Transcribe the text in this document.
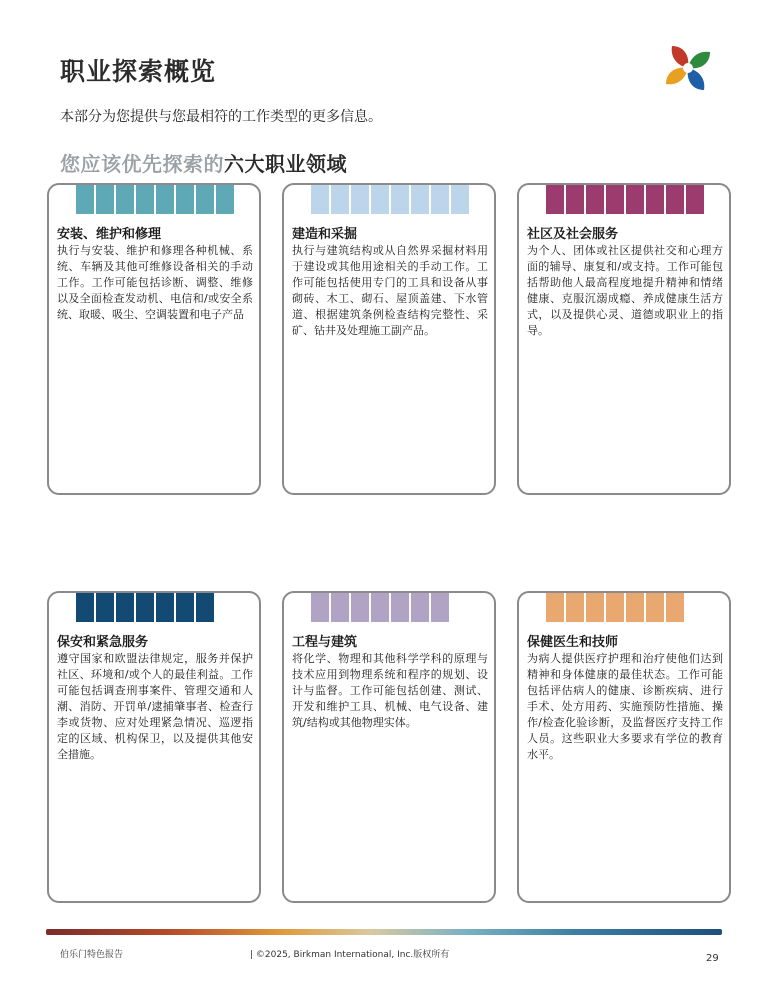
职业探索概览

本部分为您提供与您最相符的工作类型的更多信息。

您应该优先探索的六大职业领域
安装、维护和修理

执行与安装、维护和修理各种机械、系统、车辆及其他可维修设备相关的手动工作。工作可能包括诊断、调整、维修以及全面检查发动机、电信和/或安全系统、取暖、吸尘、空调装置和电子产品

建造和采掘

执行与建筑结构或从自然界采掘材料用于建设或其他用途相关的手动工作。工作可能包括使用专门的工具和设备从事砌砖、木工、砌石、屋顶盖建、下水管道、根据建筑条例检查结构完整性、采矿、钻井及处理施工副产品。

社区及社会服务

为个人、团体或社区提供社交和心理方面的辅导、康复和/或支持。工作可能包括帮助他人最高程度地提升精神和情绪健康、克服沉溺成瘾、养成健康生活方式，以及提供心灵、道德或职业上的指导。

保安和紧急服务

遵守国家和欧盟法律规定，服务并保护社区、环境和/或个人的最佳利益。工作可能包括调查刑事案件、管理交通和人潮、消防、开罚单/逮捕肇事者、检查行李或货物、应对处理紧急情况、巡逻指定的区域、机构保卫，以及提供其他安全措施。

工程与建筑

将化学、物理和其他科学学科的原理与技术应用到物理系统和程序的规划、设计与监督。工作可能包括创建、测试、开发和维护工具、机械、电气设备、建筑/结构或其他物理实体。

保健医生和技师

为病人提供医疗护理和治疗使他们达到精神和身体健康的最佳状态。工作可能包括评估病人的健康、诊断疾病、进行手术、处方用药、实施预防性措施、操作/检查化验诊断，及监督医疗支持工作人员。这些职业大多要求有学位的教育水平。

伯乐门特色报告	| ©2025, Birkman International, Inc.版权所有	29
